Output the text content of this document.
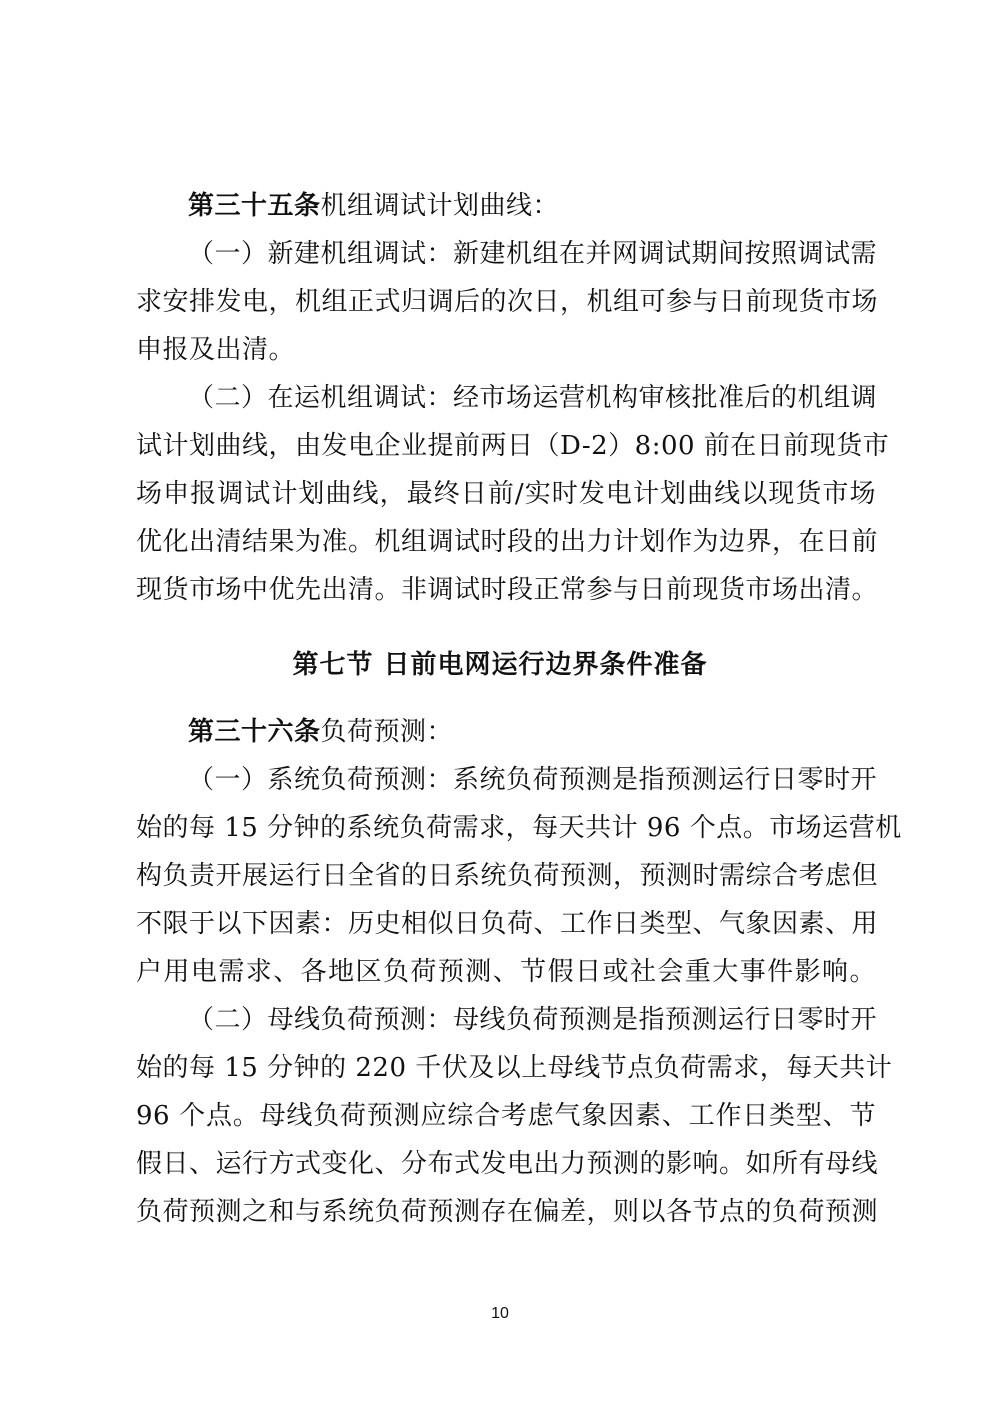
第三十五条机组调试计划曲线：
（一）新建机组调试：新建机组在并网调试期间按照调试需
求安排发电，机组正式归调后的次日，机组可参与日前现货市场
申报及出清。
（二）在运机组调试：经市场运营机构审核批准后的机组调
试计划曲线，由发电企业提前两日（D-2）8:00 前在日前现货市
场申报调试计划曲线，最终日前/实时发电计划曲线以现货市场
优化出清结果为准。机组调试时段的出力计划作为边界，在日前
现货市场中优先出清。非调试时段正常参与日前现货市场出清。
第七节 日前电网运行边界条件准备
第三十六条负荷预测：
（一）系统负荷预测：系统负荷预测是指预测运行日零时开
始的每 15 分钟的系统负荷需求，每天共计 96 个点。市场运营机
构负责开展运行日全省的日系统负荷预测，预测时需综合考虑但
不限于以下因素：历史相似日负荷、工作日类型、气象因素、用
户用电需求、各地区负荷预测、节假日或社会重大事件影响。
（二）母线负荷预测：母线负荷预测是指预测运行日零时开
始的每 15 分钟的 220 千伏及以上母线节点负荷需求，每天共计
96 个点。母线负荷预测应综合考虑气象因素、工作日类型、节
假日、运行方式变化、分布式发电出力预测的影响。如所有母线
负荷预测之和与系统负荷预测存在偏差，则以各节点的负荷预测
10
